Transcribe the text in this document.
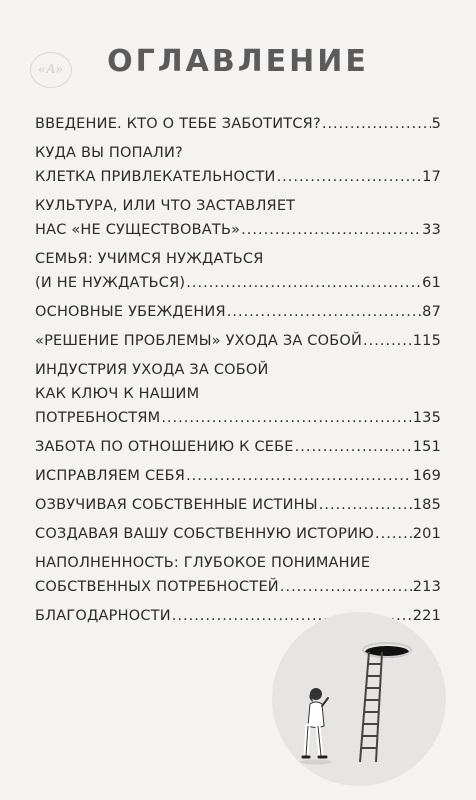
«A»	ОГЛАВЛЕНИЕ
ВВЕДЕНИЕ. КТО О ТЕБЕ ЗАБОТИТСЯ? .....	5
КУДА ВЫ ПОПАЛИ?
КЛЕТКА ПРИВЛЕКАТЕЛЬНОСТИ .....	17
КУЛЬТУРА, ИЛИ ЧТО ЗАСТАВЛЯЕТ
НАС «НЕ СУЩЕСТВОВАТЬ» .....	33
СЕМЬЯ: УЧИМСЯ НУЖДАТЬСЯ
(И НЕ НУЖДАТЬСЯ) .....	61
ОСНОВНЫЕ УБЕЖДЕНИЯ .....	87
«РЕШЕНИЕ ПРОБЛЕМЫ» УХОДА ЗА СОБОЙ .....	115
ИНДУСТРИЯ УХОДА ЗА СОБОЙ
КАК КЛЮЧ К НАШИМ
ПОТРЕБНОСТЯМ .....	135
ЗАБОТА ПО ОТНОШЕНИЮ К СЕБЕ .....	151
ИСПРАВЛЯЕМ СЕБЯ .....	169
ОЗВУЧИВАЯ СОБСТВЕННЫЕ ИСТИНЫ .....	185
СОЗДАВАЯ ВАШУ СОБСТВЕННУЮ ИСТОРИЮ .....	201
НАПОЛНЕННОСТЬ: ГЛУБОКОЕ ПОНИМАНИЕ
СОБСТВЕННЫХ ПОТРЕБНОСТЕЙ .....	213
БЛАГОДАРНОСТИ .....	221
